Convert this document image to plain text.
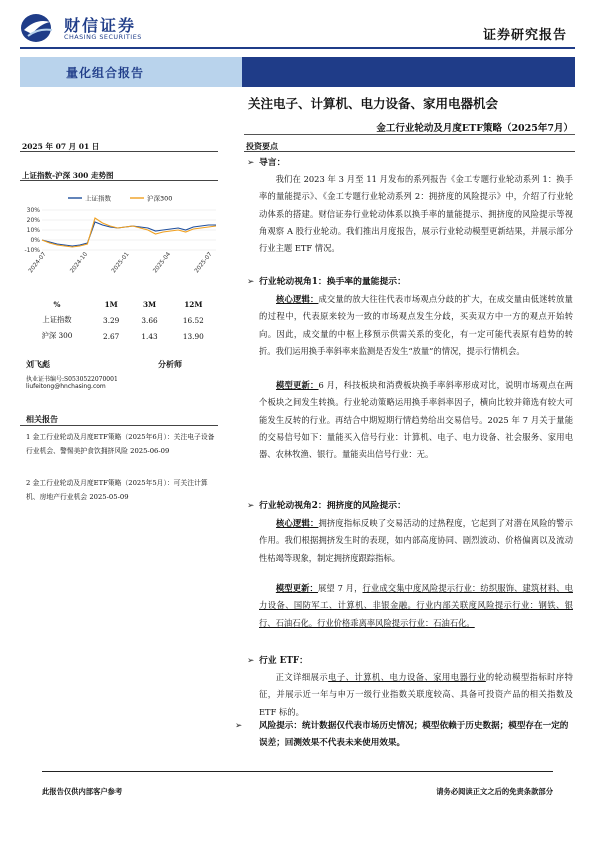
财信证券
CHASING SECURITIES	证券研究报告
量化组合报告
关注电子、计算机、电力设备、家用电器机会
金工行业轮动及月度ETF策略（2025年7月）
2025 年 07 月 01 日
上证指数-沪深 300 走势图
上证指数	沪深300
30%
20%
10%
0%
-10%
2024-07	2024-10	2025-01	2025-04	2025-07
%	1M	3M	12M
上证指数	3.29	3.66	16.52
沪深 300	2.67	1.43	13.90
刘飞彪	分析师
执业证书编号:S0530522070001
liufeitong@hnchasing.com
相关报告
1 金工行业轮动及月度ETF策略（2025年6月）：关注电子设备行业机会、警惕美护食饮拥挤风险 2025-06-09
2 金工行业轮动及月度ETF策略（2025年5月）：可关注计算机、房地产行业机会 2025-05-09
投资要点
➢ 导言：
我们在 2023 年 3 月至 11 月发布的系列报告《金工专题行业轮动系列 1：换手率的量能提示》、《金工专题行业轮动系列 2：拥挤度的风险提示》中，介绍了行业轮动体系的搭建。财信证券行业轮动体系以换手率的量能提示、拥挤度的风险提示等视角观察 A 股行业轮动。我们推出月度报告，展示行业轮动模型更新结果，并展示部分行业主题 ETF 情况。
➢ 行业轮动视角1：换手率的量能提示：
　　核心逻辑：成交量的放大往往代表市场观点分歧的扩大，在成交量由低迷转放量的过程中，代表原来较为一致的市场观点发生分歧，买卖双方中一方的观点开始转向。因此，成交量的中枢上移预示供需关系的变化，有一定可能代表原有趋势的转折。我们运用换手率斜率来监测是否发生“放量”的情况，提示行情机会。
　　模型更新：6 月，科技板块和消费板块换手率斜率形成对比，说明市场观点在两个板块之间发生转换。行业轮动策略运用换手率斜率因子，横向比较并筛选有较大可能发生反转的行业。再结合中期短期行情趋势给出交易信号。2025 年 7 月关于量能的交易信号如下：量能买入信号行业：计算机、电子、电力设备、社会服务、家用电器、农林牧渔、银行。量能卖出信号行业：无。
➢ 行业轮动视角2：拥挤度的风险提示：
　　核心逻辑：拥挤度指标反映了交易活动的过热程度，它起到了对潜在风险的警示作用。我们根据拥挤发生时的表现，如内部高度协同、剧烈波动、价格偏离以及流动性枯竭等现象，制定拥挤度跟踪指标。
　　模型更新：展望 7 月，行业成交集中度风险提示行业：纺织服饰、建筑材料、电力设备、国防军工、计算机、非银金融。行业内部关联度风险提示行业：钢铁、银行、石油石化。行业价格乖离率风险提示行业：石油石化。
➢ 行业 ETF：
正文详细展示电子、计算机、电力设备、家用电器行业的轮动模型指标时序特征，并展示近一年与申万一级行业指数关联度较高、具备可投资产品的相关指数及 ETF 标的。
➢ 风险提示：统计数据仅代表市场历史情况；模型依赖于历史数据；模型存在一定的误差；回测效果不代表未来使用效果。
此报告仅供内部客户参考	请务必阅读正文之后的免责条款部分
